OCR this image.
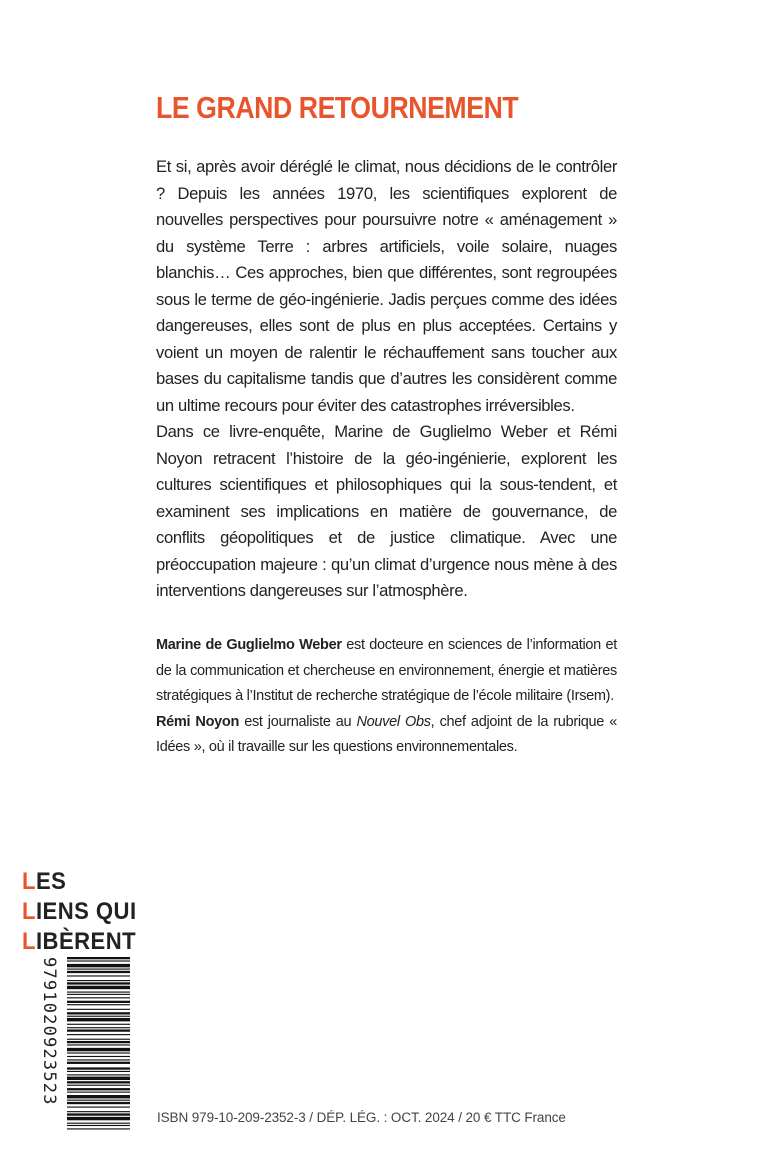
LE GRAND RETOURNEMENT

Et si, après avoir déréglé le climat, nous décidions de le contrôler ? Depuis les années 1970, les scientifiques explorent de nouvelles perspectives pour poursuivre notre « aménagement » du système Terre : arbres artificiels, voile solaire, nuages blanchis… Ces approches, bien que différentes, sont regroupées sous le terme de géo-ingénierie. Jadis perçues comme des idées dangereuses, elles sont de plus en plus acceptées. Certains y voient un moyen de ralentir le réchauffement sans toucher aux bases du capitalisme tandis que d’autres les considèrent comme un ultime recours pour éviter des catastrophes irréversibles.

Dans ce livre-enquête, Marine de Guglielmo Weber et Rémi Noyon retracent l’histoire de la géo-ingénierie, explorent les cultures scientifiques et philosophiques qui la sous-tendent, et examinent ses implications en matière de gouvernance, de conflits géopolitiques et de justice climatique. Avec une préoccupation majeure : qu’un climat d’urgence nous mène à des interventions dangereuses sur l’atmosphère.

Marine de Guglielmo Weber est docteure en sciences de l’information et de la communication et chercheuse en environnement, énergie et matières stratégiques à l’Institut de recherche stratégique de l’école militaire (Irsem).
Rémi Noyon est journaliste au Nouvel Obs, chef adjoint de la rubrique « Idées », où il travaille sur les questions environnementales.
LES
LIENS QUI
LIBÈRENT
9791020923523
ISBN 979-10-209-2352-3 / DÉP. LÉG. : OCT. 2024 / 20 € TTC France
